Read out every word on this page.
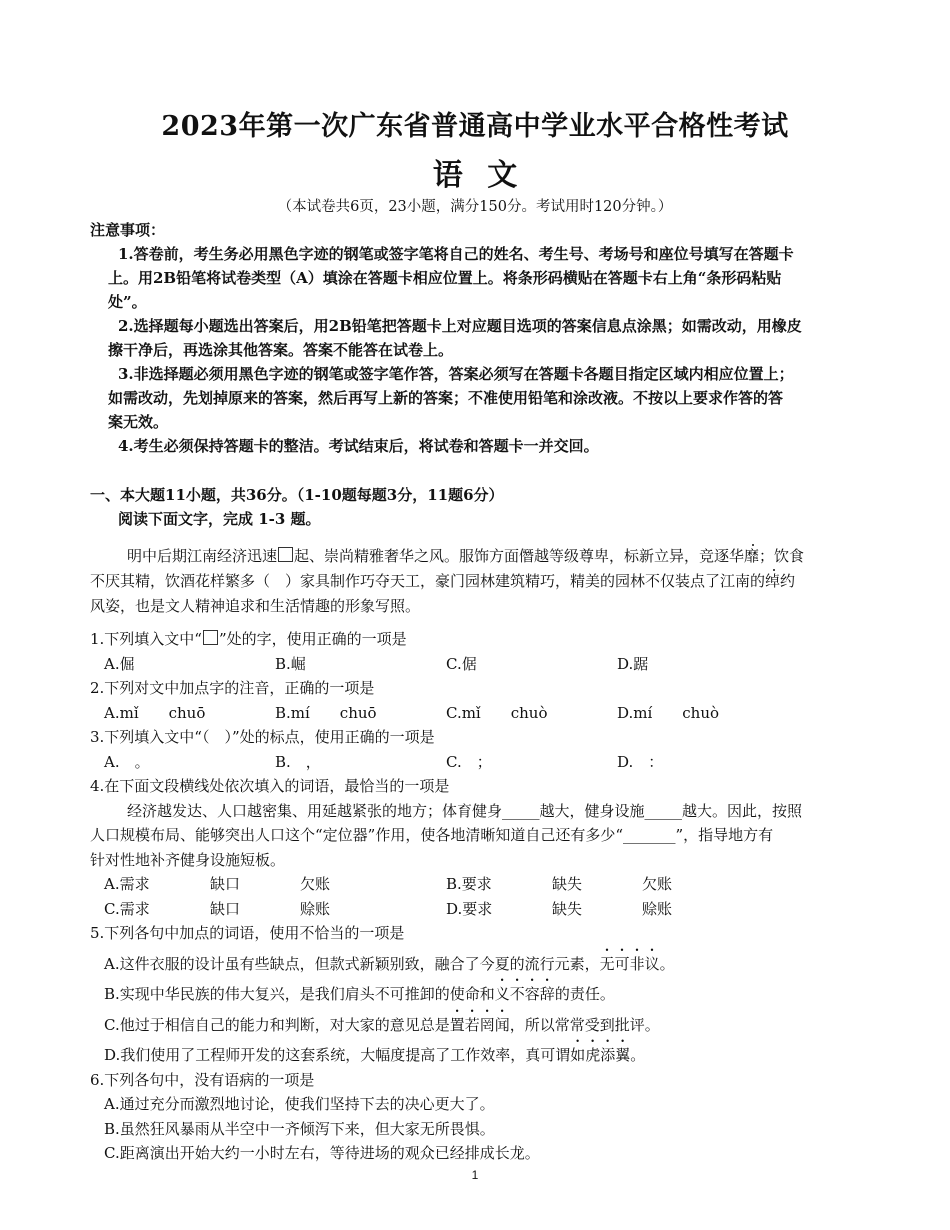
2023年第一次广东省普通高中学业水平合格性考试
语 文
（本试卷共6页，23小题，满分150分。考试用时120分钟。）
注意事项：
1.答卷前，考生务必用黑色字迹的钢笔或签字笔将自己的姓名、考生号、考场号和座位号填写在答题卡
上。用2B铅笔将试卷类型（A）填涂在答题卡相应位置上。将条形码横贴在答题卡右上角“条形码粘贴
处”。
2.选择题每小题选出答案后，用2B铅笔把答题卡上对应题目选项的答案信息点涂黑；如需改动，用橡皮
擦干净后，再选涂其他答案。答案不能答在试卷上。
3.非选择题必须用黑色字迹的钢笔或签字笔作答，答案必须写在答题卡各题目指定区域内相应位置上；
如需改动，先划掉原来的答案，然后再写上新的答案；不准使用铅笔和涂改液。不按以上要求作答的答
案无效。
4.考生必须保持答题卡的整洁。考试结束后，将试卷和答题卡一并交回。
一、本大题11小题，共36分。（1-10题每题3分，11题6分）
阅读下面文字，完成 1-3 题。
明中后期江南经济迅速 起、崇尚精雅奢华之风。服饰方面僭越等级尊卑，标新立异，竞逐华靡；饮食
不厌其精，饮酒花样繁多（　）家具制作巧夺天工，豪门园林建筑精巧，精美的园林不仅装点了江南的绰约
风姿，也是文人精神追求和生活情趣的形象写照。
1.下列填入文中“ ”处的字，使用正确的一项是
A.倔	B.崛	C.倨	D.踞
2.下列对文中加点字的注音，正确的一项是
A.mǐ　　chuō	B.mí　　chuō	C.mǐ　　chuò	D.mí　　chuò
3.下列填入文中“（　）”处的标点，使用正确的一项是
A.　。	B.　，	C.　；	D.　：
4.在下面文段横线处依次填入的词语，最恰当的一项是
经济越发达、人口越密集、用延越紧张的地方；体育健身_____越大，健身设施_____越大。因此，按照
人口规模布局、能够突出人口这个“定位器”作用，使各地清晰知道自己还有多少“_______”，指导地方有
针对性地补齐健身设施短板。
A.需求	缺口	欠账	B.要求	缺失	欠账
C.需求	缺口	赊账	D.要求	缺失	赊账
5.下列各句中加点的词语，使用不恰当的一项是
A.这件衣服的设计虽有些缺点，但款式新颖别致，融合了今夏的流行元素，无可非议。
B.实现中华民族的伟大复兴，是我们肩头不可推卸的使命和义不容辞的责任。
C.他过于相信自己的能力和判断，对大家的意见总是置若罔闻，所以常常受到批评。
D.我们使用了工程师开发的这套系统，大幅度提高了工作效率，真可谓如虎添翼。
6.下列各句中，没有语病的一项是
A.通过充分而激烈地讨论，使我们坚持下去的决心更大了。
B.虽然狂风暴雨从半空中一齐倾泻下来，但大家无所畏惧。
C.距离演出开始大约一小时左右，等待进场的观众已经排成长龙。
1
